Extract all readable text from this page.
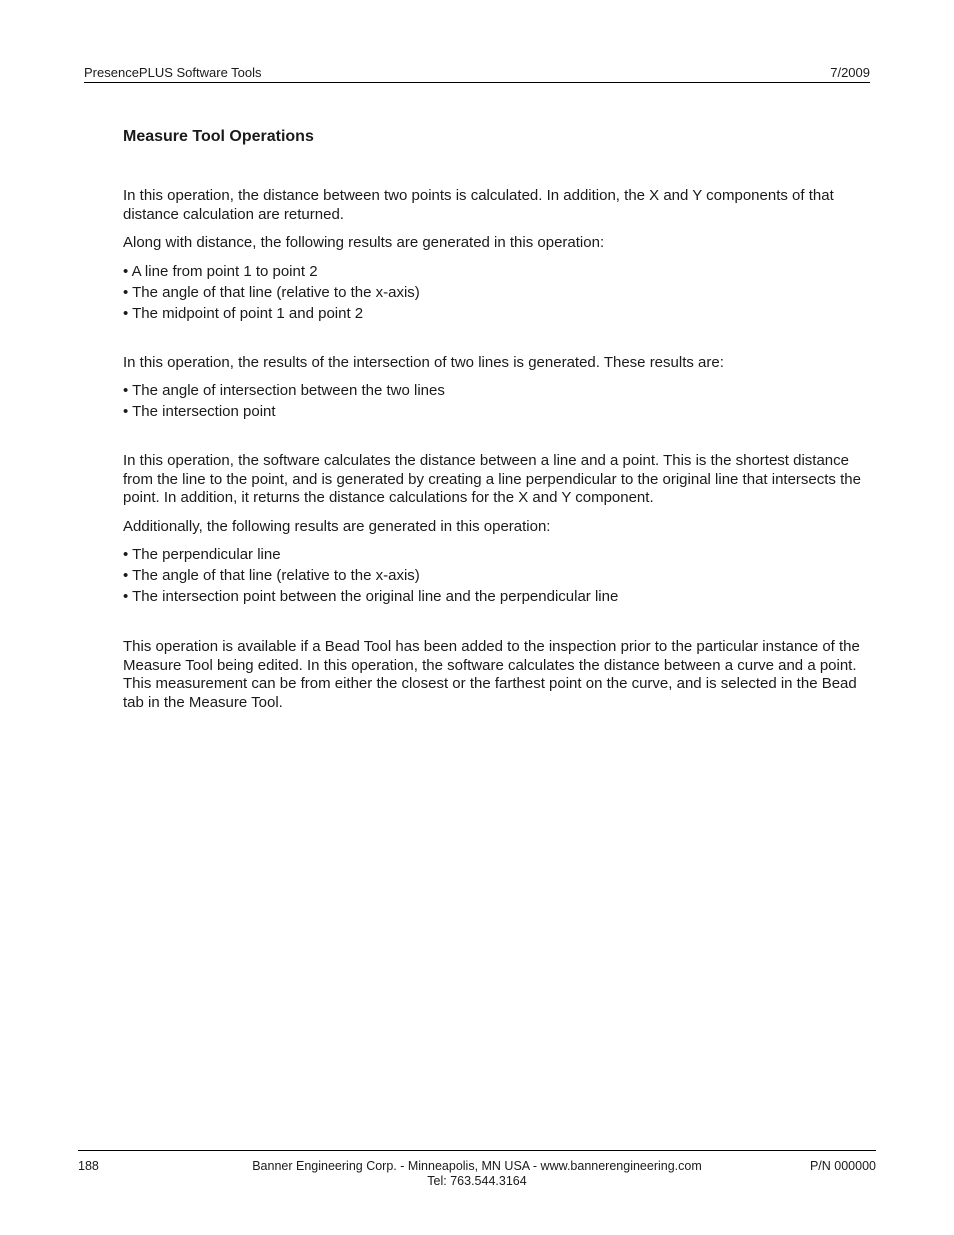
PresencePLUS Software Tools	7/2009
Measure Tool Operations

In this operation, the distance between two points is calculated. In addition, the X and Y components of that distance calculation are returned.

Along with distance, the following results are generated in this operation:

• A line from point 1 to point 2
• The angle of that line (relative to the x-axis)
• The midpoint of point 1 and point 2

In this operation, the results of the intersection of two lines is generated. These results are:

• The angle of intersection between the two lines
• The intersection point

In this operation, the software calculates the distance between a line and a point. This is the shortest distance from the line to the point, and is generated by creating a line perpendicular to the original line that intersects the point. In addition, it returns the distance calculations for the X and Y component.

Additionally, the following results are generated in this operation:

• The perpendicular line
• The angle of that line (relative to the x-axis)
• The intersection point between the original line and the perpendicular line

This operation is available if a Bead Tool has been added to the inspection prior to the particular instance of the Measure Tool being edited. In this operation, the software calculates the distance between a curve and a point. This measurement can be from either the closest or the farthest point on the curve, and is selected in the Bead tab in the Measure Tool.

188	Banner Engineering Corp. - Minneapolis, MN USA - www.bannerengineering.com
Tel: 763.544.3164
P/N 000000
